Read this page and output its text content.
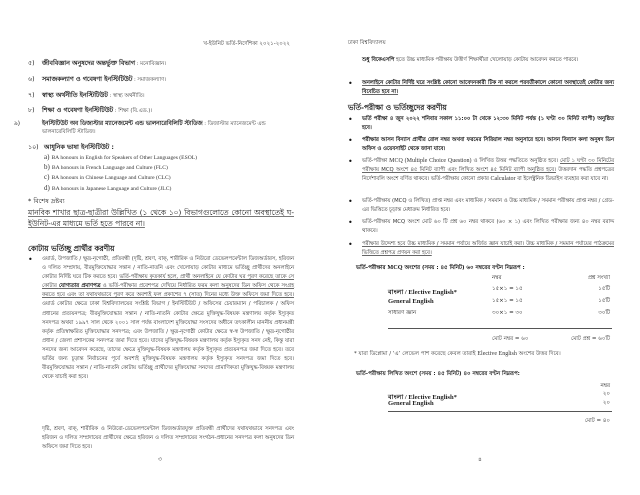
খ-ইউনিট ভর্তি-নির্দেশিকা ২০২১-২০২২
৫) জীববিজ্ঞান অনুষদের অন্তর্ভুক্ত বিভাগ : মনোবিজ্ঞান।
৬) সমাজকল্যাণ ও গবেষণা ইনস্টিটিউট : সমাজকল্যাণ।
৭) স্বাস্থ্য অর্থনীতি ইনস্টিটিউট : স্বাস্থ্য অর্থনীতি।
৮) শিক্ষা ও গবেষণা ইনস্টিটিউট : শিক্ষা (বি.এড.)।
৯)	ইনস্টিটিউট অব ডিজাস্টার ম্যানেজমেন্ট এন্ড ভালনারেবিলিটি স্টাডিজ : ডিজাস্টার ম্যানেজমেন্ট এন্ড ভালনারেবিলিটি স্টাডিজ।
১০) আধুনিক ভাষা ইনস্টিটিউট :
a) BA honours in English for Speakers of Other Languages (ESOL)
b) BA honours in French Language and Culture (FLC)
c) BA honours in Chinese Language and Culture (CLC)
d) BA honours in Japanese Language and Culture (JLC)
* বিশেষ দ্রষ্টব্য
মানবিক শাখার ছাত্র-ছাত্রীরা উল্লিখিত (১ থেকে ১০) বিভাগগুলোতে কোনো অবস্থাতেই ঘ-ইউনিট-এর মাধ্যমে ভর্তি হতে পারবে না।
কোটায় ভর্তিচ্ছু প্রার্থীর করণীয়
• ওয়ার্ড, উপজাতি / ক্ষুদ্র-নৃগোষ্ঠী, প্রতিবন্ধী (দৃষ্টি, শ্রবণ, বাক্, শারীরিক ও নিউরো ডেভেলপমেন্টাল ডিজঅর্ডারস, হরিজন ও দলিত সম্প্রদায়, বীরমুক্তিযোদ্ধার সন্তান / নাতি-নাতনি এবং খেলোয়াড় কোটার মাধ্যমে ভর্তিচ্ছু প্রার্থীদের অনলাইনে কোটার নির্দিষ্ট ঘরে টিক করতে হবে। ভর্তি-পরীক্ষায় কৃতকার্য হলে, প্রার্থী অনলাইনে যে কোটার ঘর পূরণ করেছে তাকে সে কোটার যোগ্যতার প্রমাণপত্র ও ভর্তি-পরীক্ষার প্রবেশপত্র দেখিয়ে নির্ধারিত ফরম কলা অনুষদের ডিন অফিস থেকে সংগ্রহ করতে হবে এবং তা যথাযথভাবে পূরণ করে অবশ্যই ফল প্রকাশের ৭ (সাত) দিনের মধ্যে উক্ত অফিসে জমা দিতে হবে। ওয়ার্ড কোটার ক্ষেত্রে ঢাকা বিশ্ববিদ্যালয়ের সংশ্লিষ্ট বিভাগ / ইনস্টিটিউট / অফিসের চেয়ারম্যান / পরিচালক / অফিস প্রধানের প্রত্যয়নপত্র; বীরমুক্তিযোদ্ধার সন্তান / নাতি-নাতনি কোটার ক্ষেত্রে মুক্তিযুদ্ধ-বিষয়ক মন্ত্রণালয় কর্তৃক ইস্যুকৃত সনদপত্র অথবা ১৯৯৭ সাল থেকে ২০০১ সাল পর্যন্ত বাংলাদেশ মুক্তিযোদ্ধা সংসদের অধীনে তৎকালীন মাননীয় প্রধানমন্ত্রী কর্তৃক প্রতিস্বাক্ষরিত মুক্তিযোদ্ধার সনদপত্র; এবং উপজাতি / ক্ষুদ্র-নৃগোষ্ঠী কোটার ক্ষেত্রে স্ব-স্ব উপজাতি / ক্ষুদ্র-নৃগোষ্ঠীর প্রধান / জেলা প্রশাসকের সনদপত্র জমা দিতে হবে। যাদের মুক্তিযুদ্ধ-বিষয়ক মন্ত্রণালয় কর্তৃক ইস্যুকৃত সনদ নেই, কিন্তু যারা সনদের জন্য আবেদন করেছে, তাদের ক্ষেত্রে মুক্তিযুদ্ধ-বিষয়ক মন্ত্রণালয় কর্তৃক ইস্যুকৃত প্রত্যয়নপত্র জমা দিতে হবে। তবে ভর্তির জন্য চূড়ান্ত নির্বাচনের পূর্বে অবশ্যই মুক্তিযুদ্ধ-বিষয়ক মন্ত্রণালয় কর্তৃক ইস্যুকৃত সনদপত্র জমা দিতে হবে। বীরমুক্তিযোদ্ধার সন্তান / নাতি-নাতনি কোটায় ভর্তিচ্ছু প্রার্থীদের মুক্তিযোদ্ধা সনদের প্রামাণিকতা মুক্তিযুদ্ধ-বিষয়ক মন্ত্রণালয় থেকে যাচাই করা হবে।
দৃষ্টি, শ্রবণ, বাক্, শারীরিক ও নিউরো-ডেভেলপমেন্টাল ডিজঅর্ডারযুক্ত প্রতিবন্ধী প্রার্থীদের যথাযথভাবে সনদপত্র এবং হরিজন ও দলিত সম্প্রদায়ের প্রার্থীদের ক্ষেত্রে হরিজন ও দলিত সম্প্রদায়ের সংগঠন-প্রধানের সনদপত্র কলা অনুষদের ডিন অফিসে জমা দিতে হবে।
৩
ঢাকা বিশ্ববিদ্যালয়
শুধু বিকেএসপি হতে উচ্চ মাধ্যমিক পরীক্ষায় উত্তীর্ণ শিক্ষার্থীরা খেলোয়াড় কোটায় আবেদন করতে পারবে।
• অনলাইনে কোটার নির্দিষ্ট ঘরে সংশ্লিষ্ট কোনো আবেদনকারী টিক না করলে পরবর্তীকালে কোনো অবস্থাতেই কোটার জন্য বিবেচিত হবে না।
ভর্তি-পরীক্ষা ও ভর্তিচ্ছুদের করণীয়
• ভর্তি পরীক্ষা ৪ জুন ২০২২ শনিবার সকাল ১১:০০ টা থেকে ১২:৩০ মিনিট পর্যন্ত (১ ঘণ্টা ৩০ মিনিট ব্যাপী) অনুষ্ঠিত হবে।
• পরীক্ষার আসন বিন্যাস প্রার্থীর রোল নম্বর অথবা ফরমের সিরিয়াল নম্বর অনুসারে হবে। আসন বিন্যাস কলা অনুষদ ডিন অফিস ও ওয়েবসাইট থেকে জানা যাবে।
• ভর্তি-পরীক্ষা MCQ (Multiple Choice Question) ও লিখিত উত্তর পদ্ধতিতে অনুষ্ঠিত হবে। মোট ১ ঘণ্টা ৩০ মিনিটের পরীক্ষায় MCQ অংশে ৪৫ মিনিট ব্যাপী এবং লিখিত অংশে ৪৫ মিনিট ব্যাপী অনুষ্ঠিত হবে। উত্তরদান পদ্ধতি প্রশ্নপত্রের নির্দেশাবলি অংশে বর্ণিত থাকবে। ভর্তি-পরীক্ষায় কোনো প্রকার Calculator বা ইলেক্ট্রনিক ডিভাইস ব্যবহার করা যাবে না।
• ভর্তি-পরীক্ষায় (MCQ ও লিখিত) প্রাপ্ত নম্বর এবং মাধ্যমিক / সমমান ও উচ্চ মাধ্যমিক / সমমান পরীক্ষায় প্রাপ্ত নম্বর / গ্রেড-এর ভিত্তিতে চূড়ান্ত মেধাক্রম নির্ধারিত হবে।
• ভর্তি-পরীক্ষায় MCQ অংশে মোট ৬০ টি প্রশ্ন ৬০ নম্বর থাকবে (৬০ × ১) এবং লিখিত পরীক্ষার জন্য ৪০ নম্বর বরাদ্দ থাকবে।
• পরীক্ষার উদ্দেশ্য হবে উচ্চ মাধ্যমিক / সমমান পর্যায়ে অর্জিত জ্ঞান যাচাই করা। উচ্চ মাধ্যমিক / সমমান পর্যায়ের পাঠক্রমের ভিত্তিতে প্রশ্নপত্র প্রণয়ন করা হবে।
ভর্তি-পরীক্ষার MCQ অংশের (সময় : ৪৫ মিনিট) ৬০ নম্বরের বণ্টন নিম্নরূপ :
নম্বর	প্রশ্ন সংখ্যা
বাংলা / Elective English*	১৫×১ = ১৫	১৫টি
General English	১৫×১ = ১৫	১৫টি
সাধারণ জ্ঞান	৩০×১ = ৩০	৩০টি
মোট নম্বর = ৬০	মোট প্রশ্ন = ৬০টি
* যারা ডিপ্লোমা / ‘এ’ লেভেল পাশ করেছে কেবল তারাই Elective English অংশের উত্তর দিবে।
ভর্তি-পরীক্ষায় লিখিত অংশে (সময় : ৪৫ মিনিট) ৪০ নম্বরের বণ্টন নিম্নরূপ:
নম্বর
বাংলা / Elective English*	২০
General English	২০
মোট = ৪০
৪
